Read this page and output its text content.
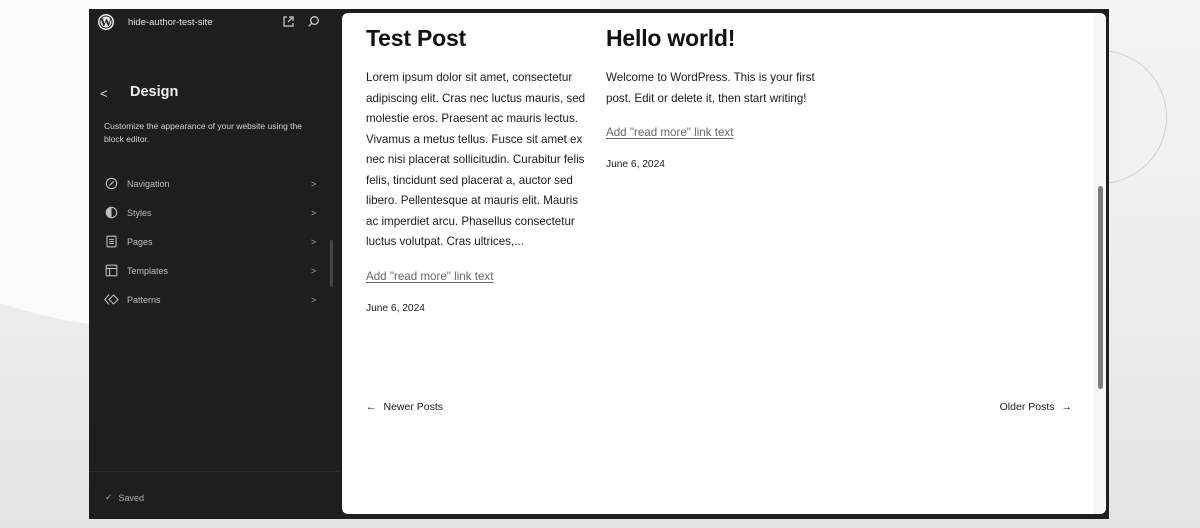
W hide-author-test-site
< Design

Customize the appearance of your website using the block editor.

Navigation	>
Styles	>
Pages	>
Templates	>
Patterns	>
✓ Saved
Test Post

Lorem ipsum dolor sit amet, consectetur adipiscing elit. Cras nec luctus mauris, sed molestie eros. Praesent ac mauris lectus. Vivamus a metus tellus. Fusce sit amet ex nec nisi placerat sollicitudin. Curabitur felis felis, tincidunt sed placerat a, auctor sed libero. Pellentesque at mauris elit. Mauris ac imperdiet arcu. Phasellus consectetur luctus volutpat. Cras ultrices,...

Add "read more" link text
June 6, 2024
Hello world!

Welcome to WordPress. This is your first post. Edit or delete it, then start writing!

Add "read more" link text
June 6, 2024
← Newer Posts	Older Posts →
